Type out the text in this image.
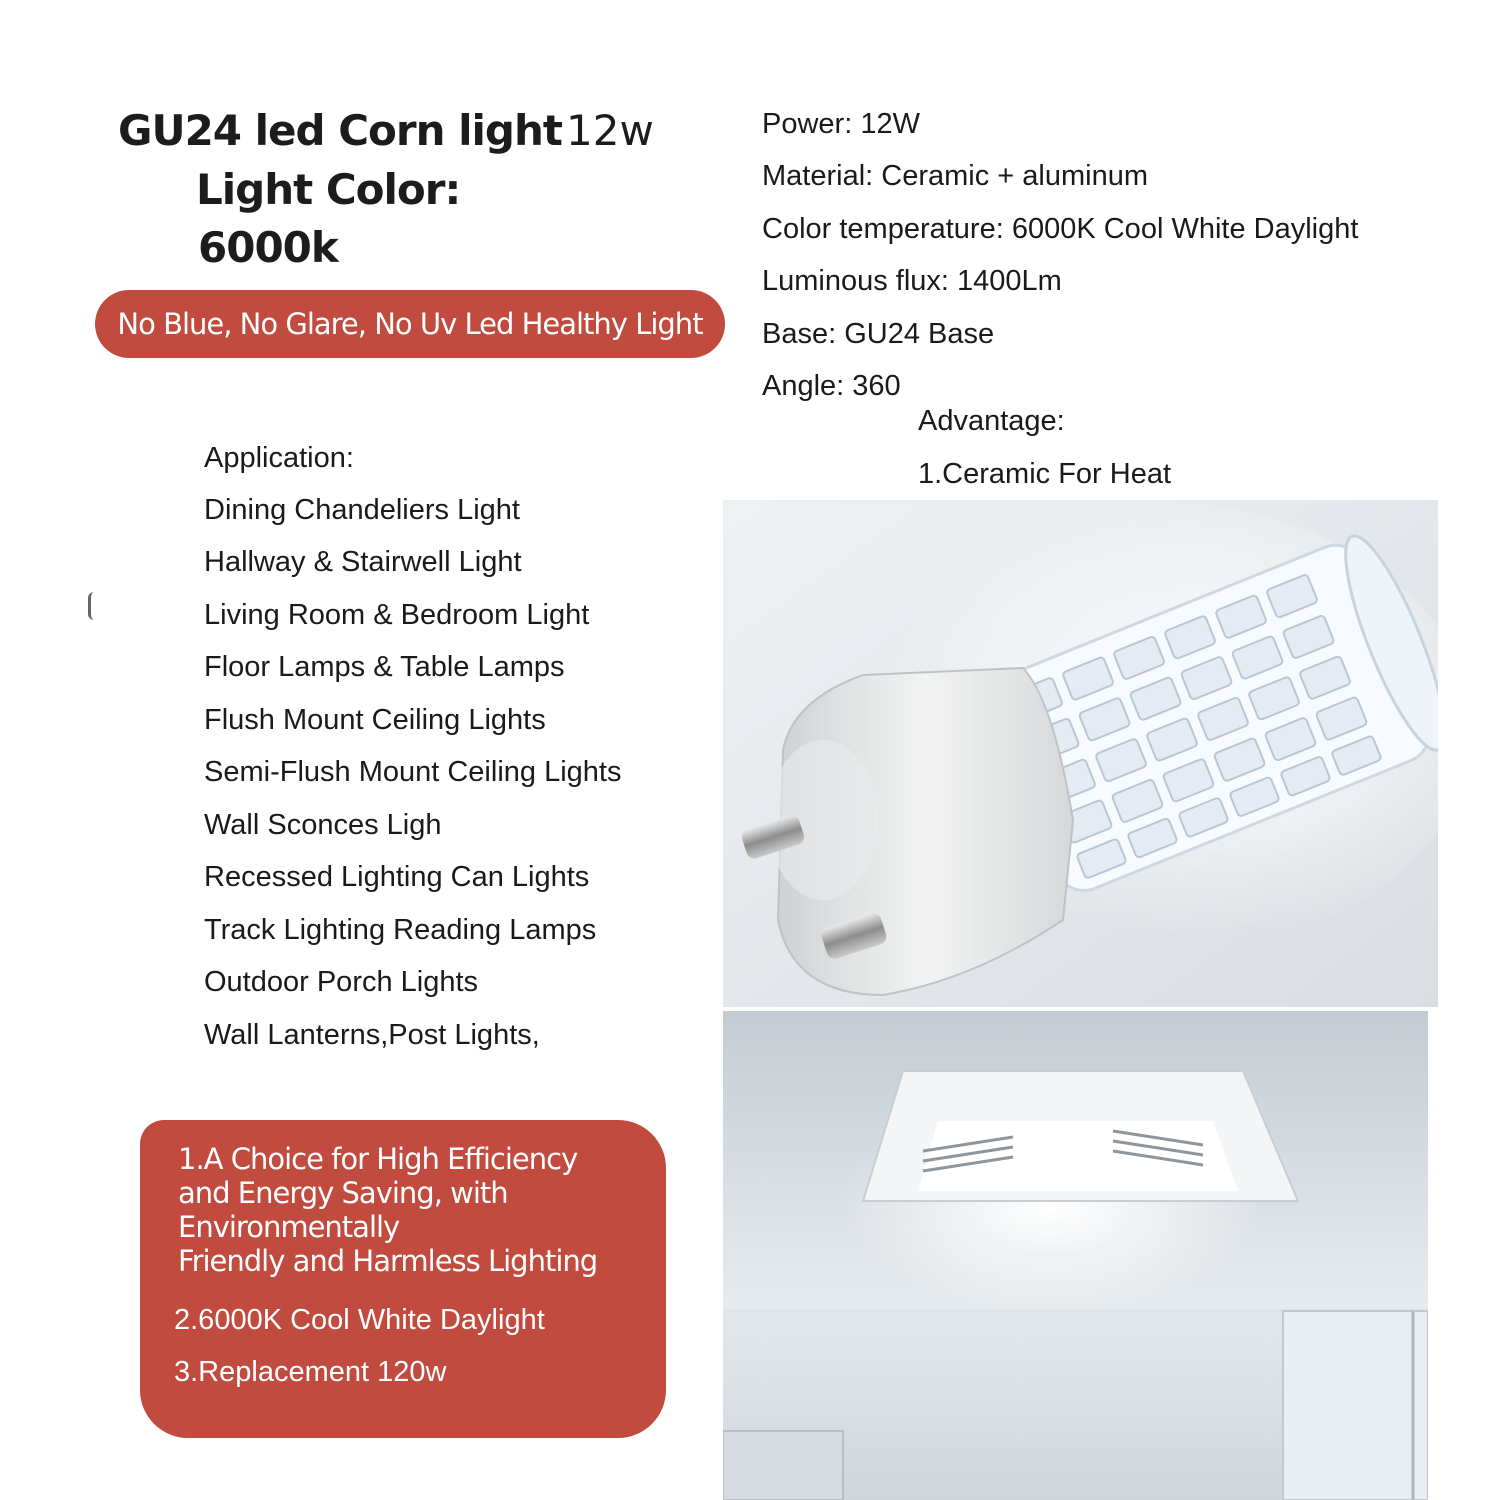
GU24 led Corn light 12w
Light Color:
6000k
No Blue, No Glare, No Uv Led Healthy Light
Power: 12W
Material: Ceramic + aluminum
Color temperature: 6000K Cool White Daylight
Luminous flux: 1400Lm
Base: GU24 Base
Angle: 360
Advantage:
1.Ceramic For Heat
Application:
Dining Chandeliers Light
Hallway & Stairwell Light
Living Room & Bedroom Light
Floor Lamps & Table Lamps
Flush Mount Ceiling Lights
Semi-Flush Mount Ceiling Lights
Wall Sconces Ligh
Recessed Lighting Can Lights
Track Lighting Reading Lamps
Outdoor Porch Lights
Wall Lanterns,Post Lights,
1.A Choice for High Efficiency
and Energy Saving, with
Environmentally
Friendly and Harmless Lighting
2.6000K Cool White Daylight
3.Replacement 120w
